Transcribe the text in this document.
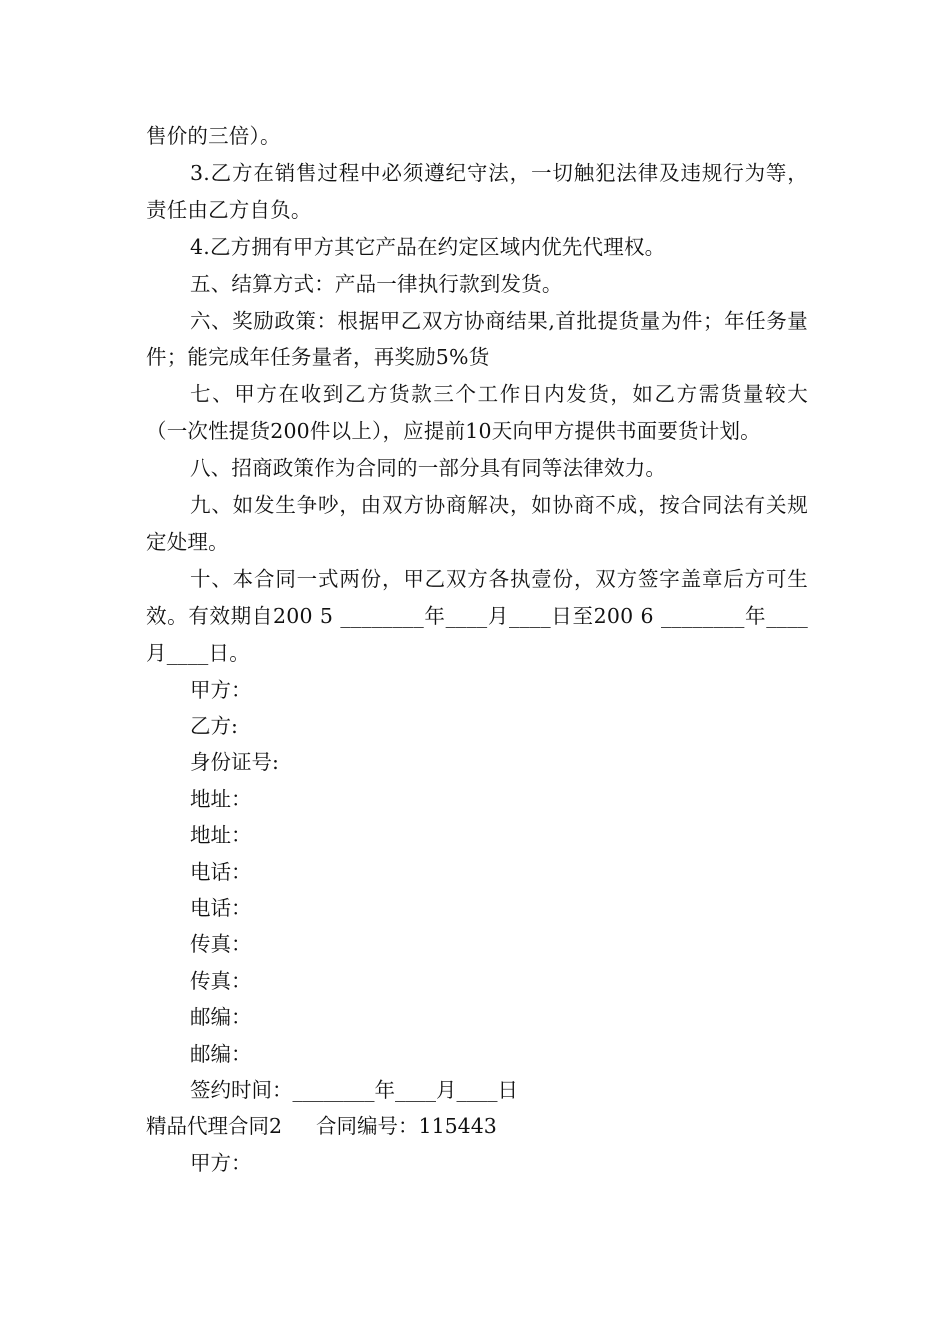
售价的三倍）。

3.乙方在销售过程中必须遵纪守法，一切触犯法律及违规行为等，责任由乙方自负。

4.乙方拥有甲方其它产品在约定区域内优先代理权。

五、结算方式：产品一律执行款到发货。

六、奖励政策：根据甲乙双方协商结果,首批提货量为件；年任务量件；能完成年任务量者，再奖励5%货

七、甲方在收到乙方货款三个工作日内发货，如乙方需货量较大 （一次性提货200件以上），应提前10天向甲方提供书面要货计划。

八、招商政策作为合同的一部分具有同等法律效力。

九、如发生争吵，由双方协商解决，如协商不成，按合同法有关规定处理。

十、本合同一式两份，甲乙双方各执壹份，双方签字盖章后方可生效。有效期自200 5 ________年____月____日至200 6 ________年____月____日。

甲方：
乙方:
身份证号:
地址：
地址：
电话：
电话：
传真：
传真：
邮编：
邮编：
签约时间：________年____月____日
精品代理合同2 合同编号：115443
甲方：
